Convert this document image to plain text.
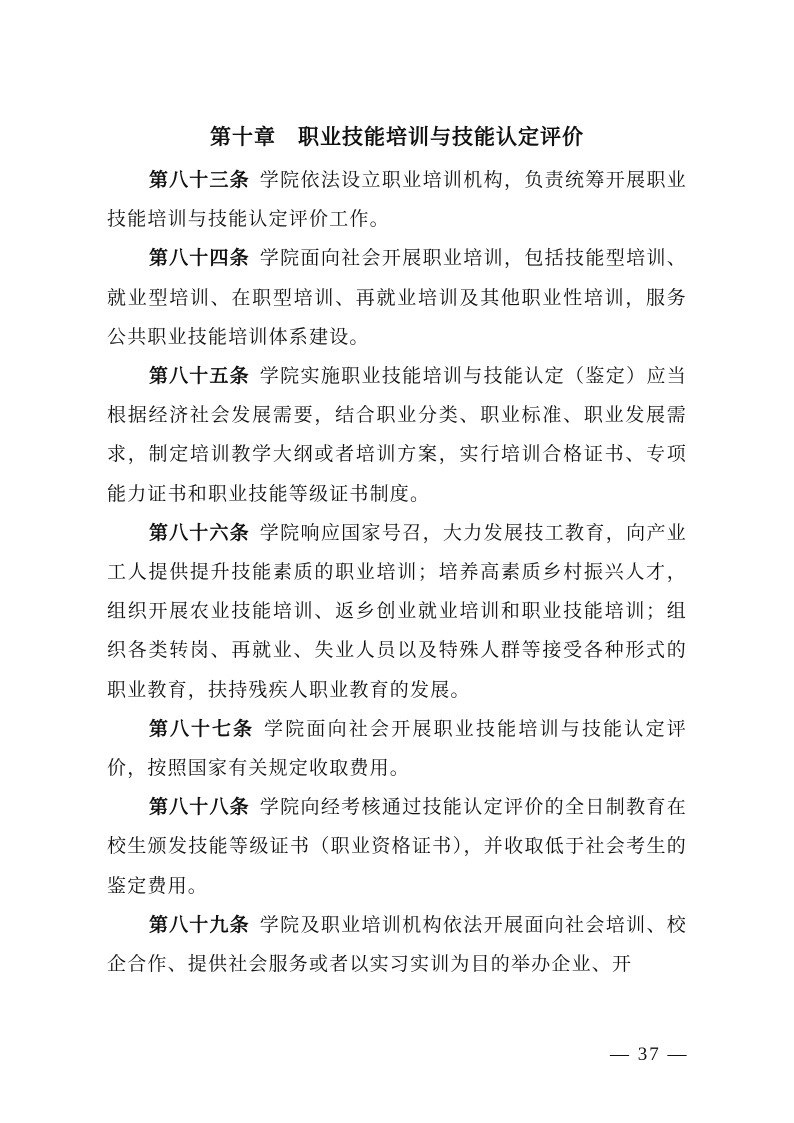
第十章 职业技能培训与技能认定评价

第八十三条 学院依法设立职业培训机构，负责统筹开展职业技能培训与技能认定评价工作。

第八十四条 学院面向社会开展职业培训，包括技能型培训、就业型培训、在职型培训、再就业培训及其他职业性培训，服务公共职业技能培训体系建设。

第八十五条 学院实施职业技能培训与技能认定（鉴定）应当根据经济社会发展需要，结合职业分类、职业标准、职业发展需求，制定培训教学大纲或者培训方案，实行培训合格证书、专项能力证书和职业技能等级证书制度。

第八十六条 学院响应国家号召，大力发展技工教育，向产业工人提供提升技能素质的职业培训；培养高素质乡村振兴人才，组织开展农业技能培训、返乡创业就业培训和职业技能培训；组织各类转岗、再就业、失业人员以及特殊人群等接受各种形式的职业教育，扶持残疾人职业教育的发展。

第八十七条 学院面向社会开展职业技能培训与技能认定评价，按照国家有关规定收取费用。

第八十八条 学院向经考核通过技能认定评价的全日制教育在校生颁发技能等级证书（职业资格证书），并收取低于社会考生的鉴定费用。

第八十九条 学院及职业培训机构依法开展面向社会培训、校企合作、提供社会服务或者以实习实训为目的举办企业、开

— 37 —
